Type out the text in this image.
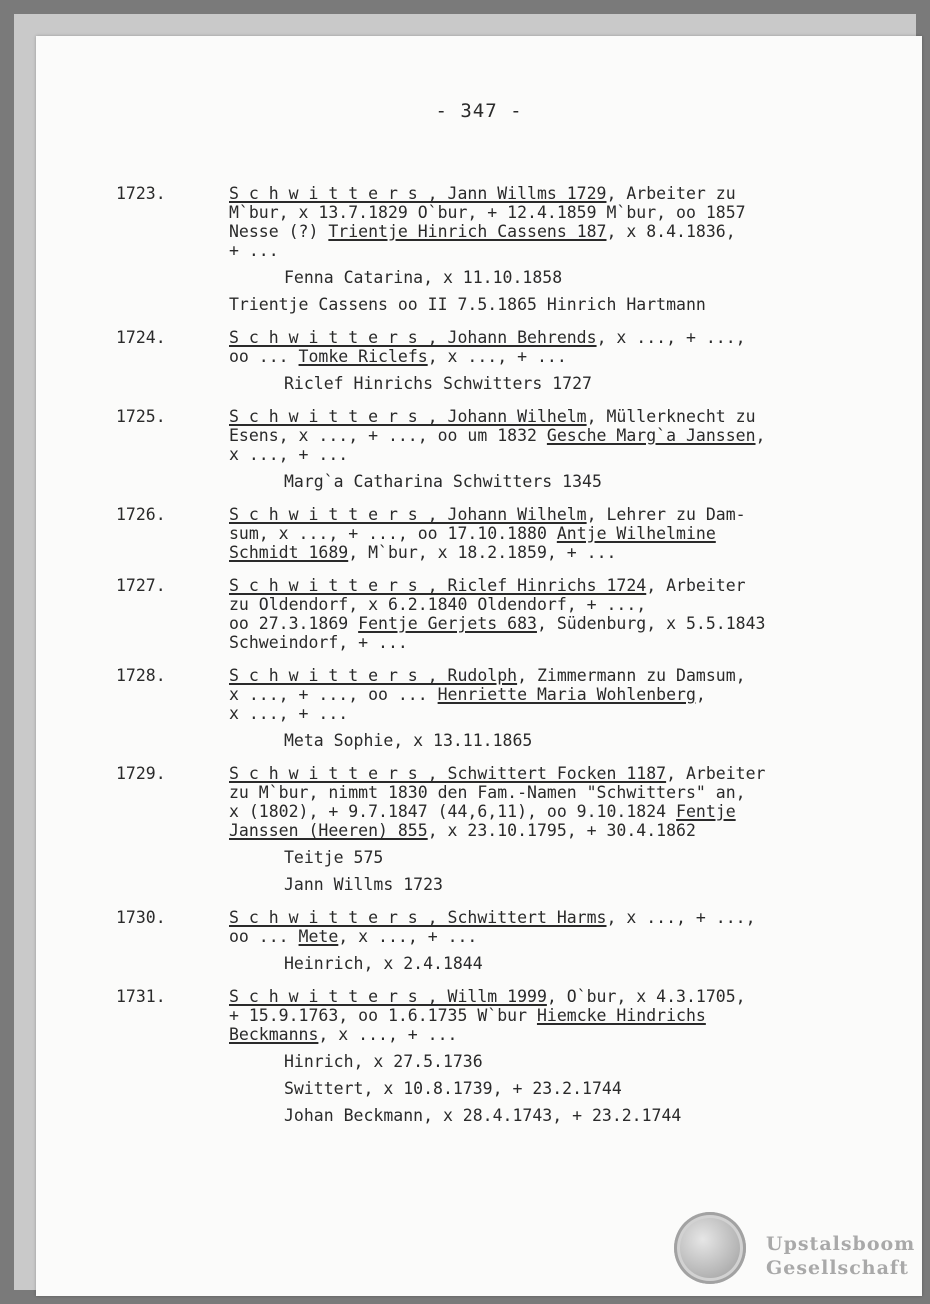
- 347 -
1723.	S c h w i t t e r s , Jann Willms 1729, Arbeiter zu
M`bur, x 13.7.1829 O`bur, + 12.4.1859 M`bur, oo 1857
Nesse (?) Trientje Hinrich Cassens 187, x 8.4.1836,
+ ...
Fenna Catarina, x 11.10.1858
Trientje Cassens oo II 7.5.1865 Hinrich Hartmann
1724.	S c h w i t t e r s , Johann Behrends, x ..., + ...,
oo ... Tomke Riclefs, x ..., + ...
Riclef Hinrichs Schwitters 1727
1725.	S c h w i t t e r s , Johann Wilhelm, Müllerknecht zu
Esens, x ..., + ..., oo um 1832 Gesche Marg`a Janssen,
x ..., + ...
Marg`a Catharina Schwitters 1345
1726.	S c h w i t t e r s , Johann Wilhelm, Lehrer zu Dam-
sum, x ..., + ..., oo 17.10.1880 Antje Wilhelmine
Schmidt 1689, M`bur, x 18.2.1859, + ...
1727.	S c h w i t t e r s , Riclef Hinrichs 1724, Arbeiter
zu Oldendorf, x 6.2.1840 Oldendorf, + ...,
oo 27.3.1869 Fentje Gerjets 683, Südenburg, x 5.5.1843
Schweindorf, + ...
1728.	S c h w i t t e r s , Rudolph, Zimmermann zu Damsum,
x ..., + ..., oo ... Henriette Maria Wohlenberg,
x ..., + ...
Meta Sophie, x 13.11.1865
1729.	S c h w i t t e r s , Schwittert Focken 1187, Arbeiter
zu M`bur, nimmt 1830 den Fam.-Namen "Schwitters" an,
x (1802), + 9.7.1847 (44,6,11), oo 9.10.1824 Fentje
Janssen (Heeren) 855, x 23.10.1795, + 30.4.1862
Teitje 575
Jann Willms 1723
1730.	S c h w i t t e r s , Schwittert Harms, x ..., + ...,
oo ... Mete, x ..., + ...
Heinrich, x 2.4.1844
1731.	S c h w i t t e r s , Willm 1999, O`bur, x 4.3.1705,
+ 15.9.1763, oo 1.6.1735 W`bur Hiemcke Hindrichs
Beckmanns, x ..., + ...
Hinrich, x 27.5.1736
Swittert, x 10.8.1739, + 23.2.1744
Johan Beckmann, x 28.4.1743, + 23.2.1744
Upstalsboom
Gesellschaft
